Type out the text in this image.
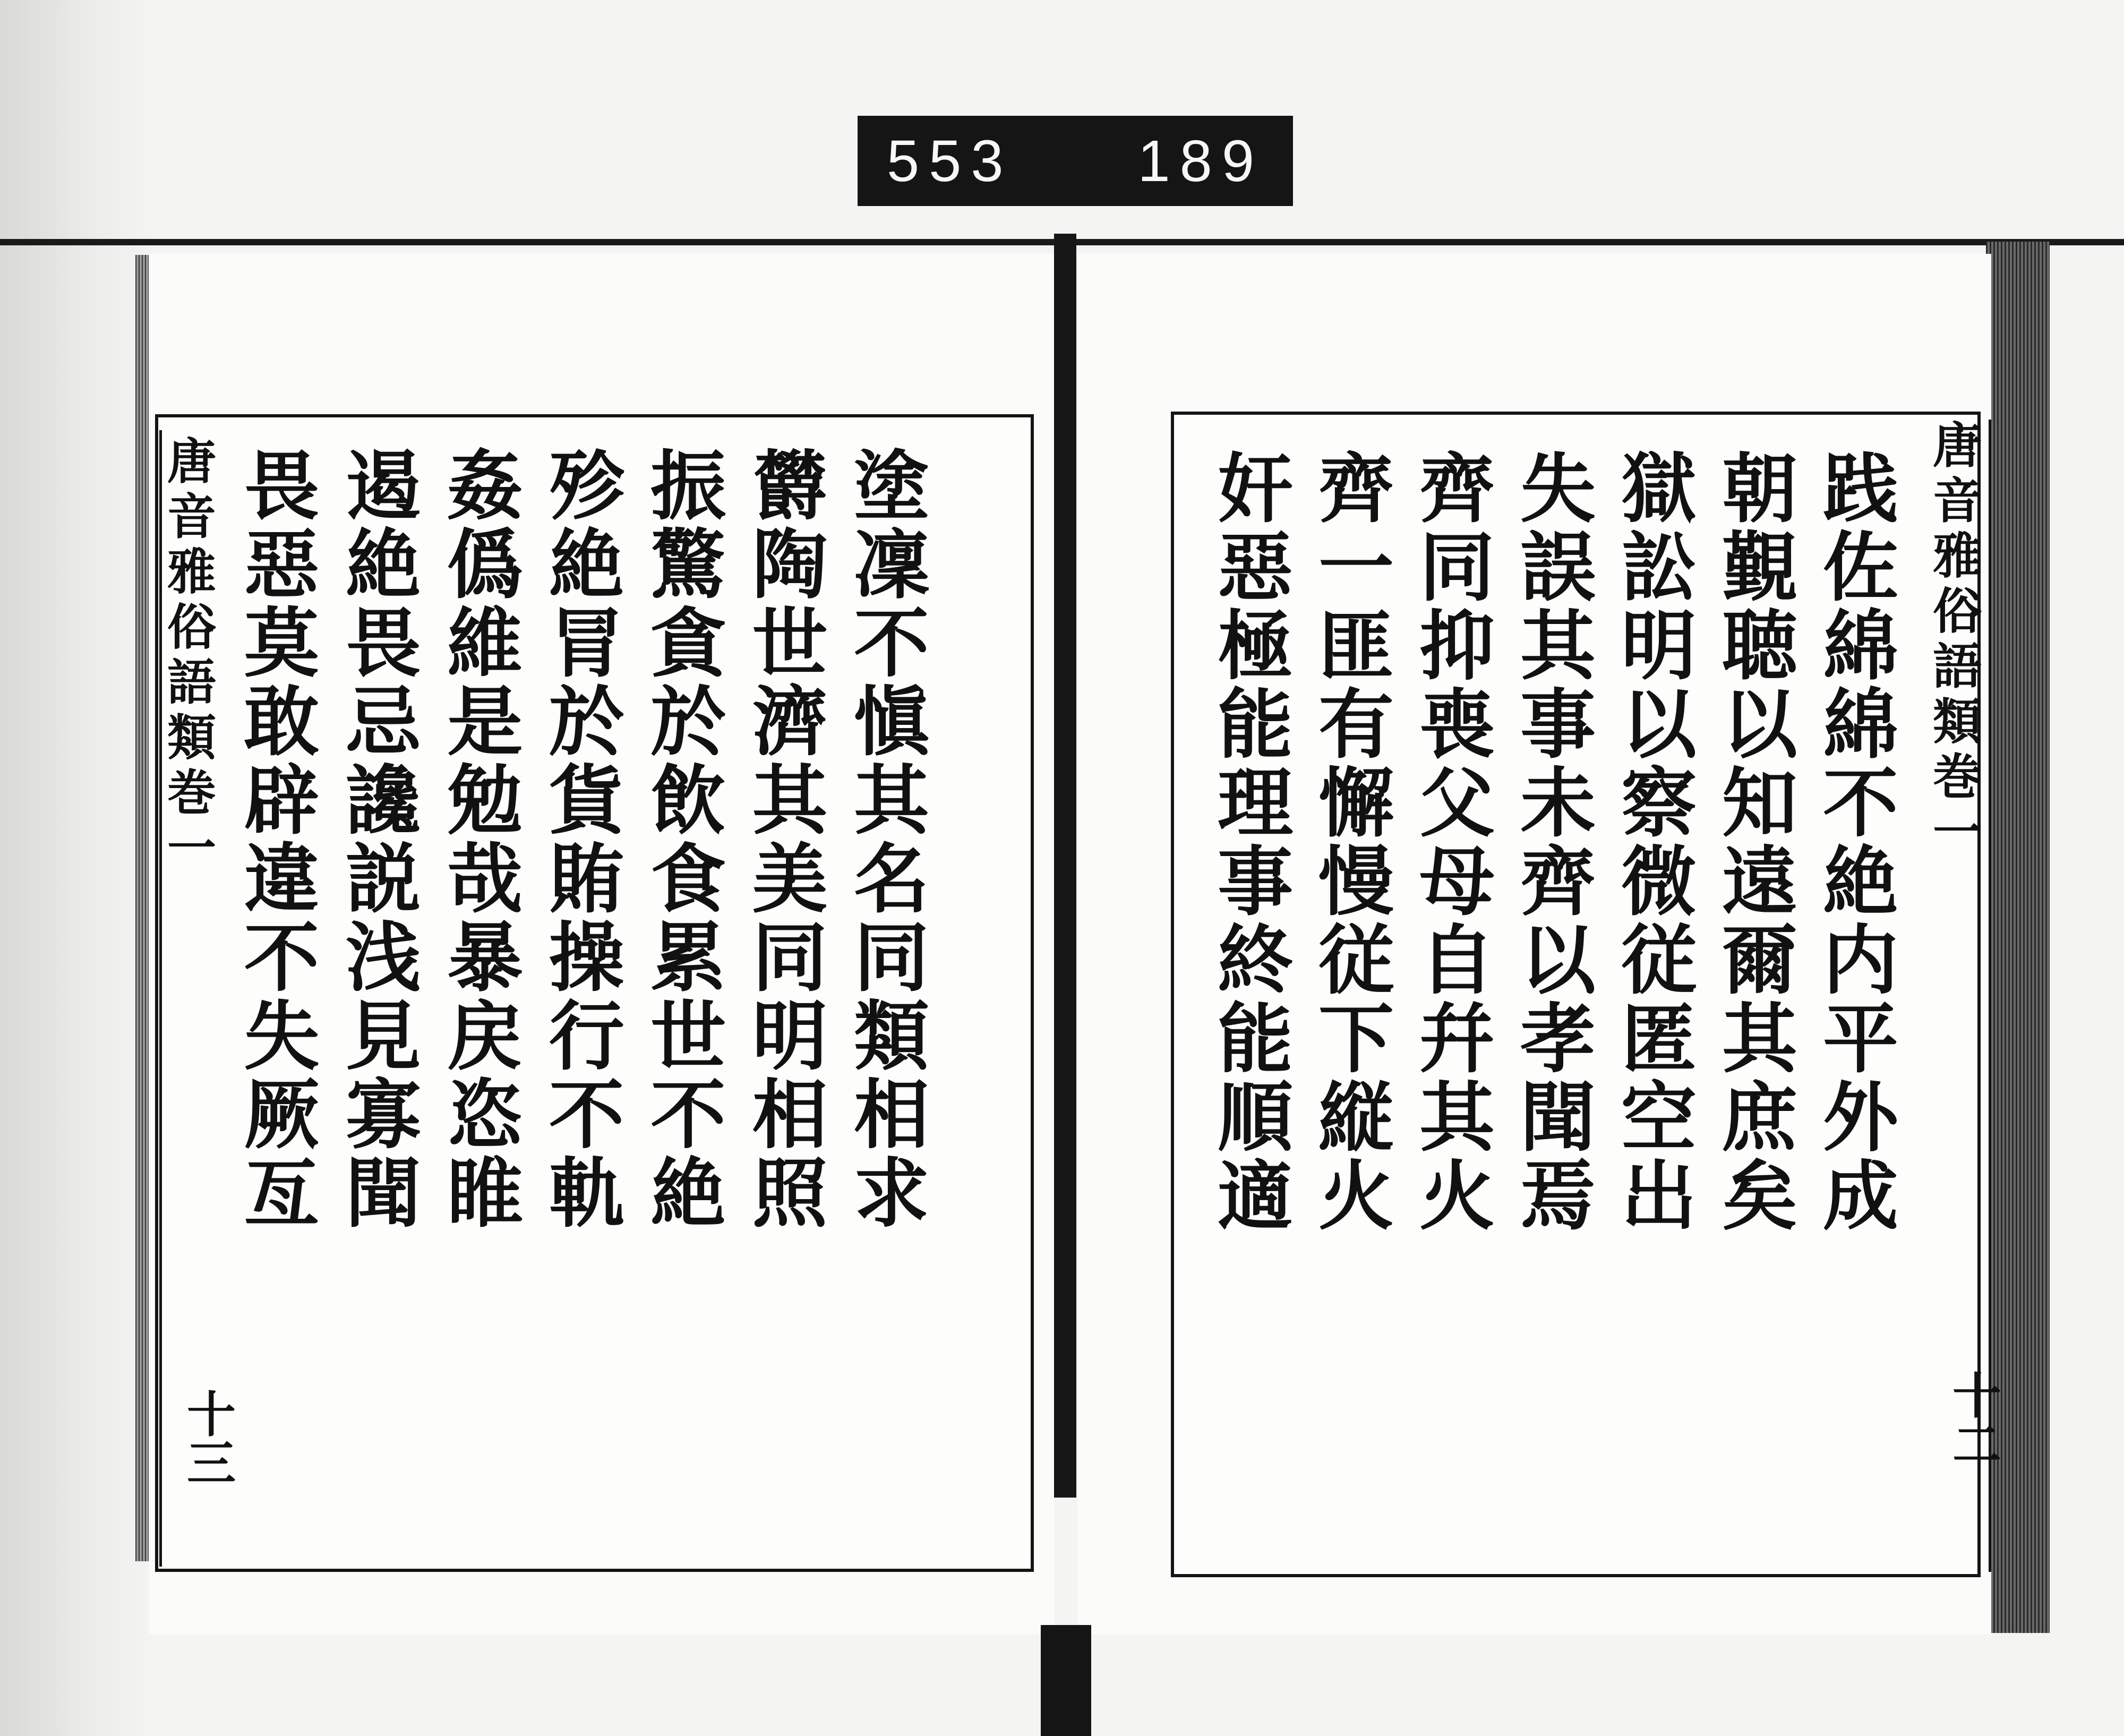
553 189
唐音雅俗語類巻一
十三
塗凜不愼其名同類相求
欝陶世濟其美同明相照
振驚貪於飲食累世不絶
殄絶冐於貨賄操行不軌
姦僞維是勉哉暴戻恣睢
遏絶畏忌讒説浅見寡聞
畏惡莫敢辟違不失厥亙	唐音雅俗語類巻一
十二
践佐綿綿不絶内平外成
朝覲聴以知遠爾其庶矣
獄訟明以察微従匿空出
失誤其事未齊以孝聞焉
齊同抑喪父母自幷其火
齊一匪有懈慢従下縦火
奸惡極能理事終能順適
